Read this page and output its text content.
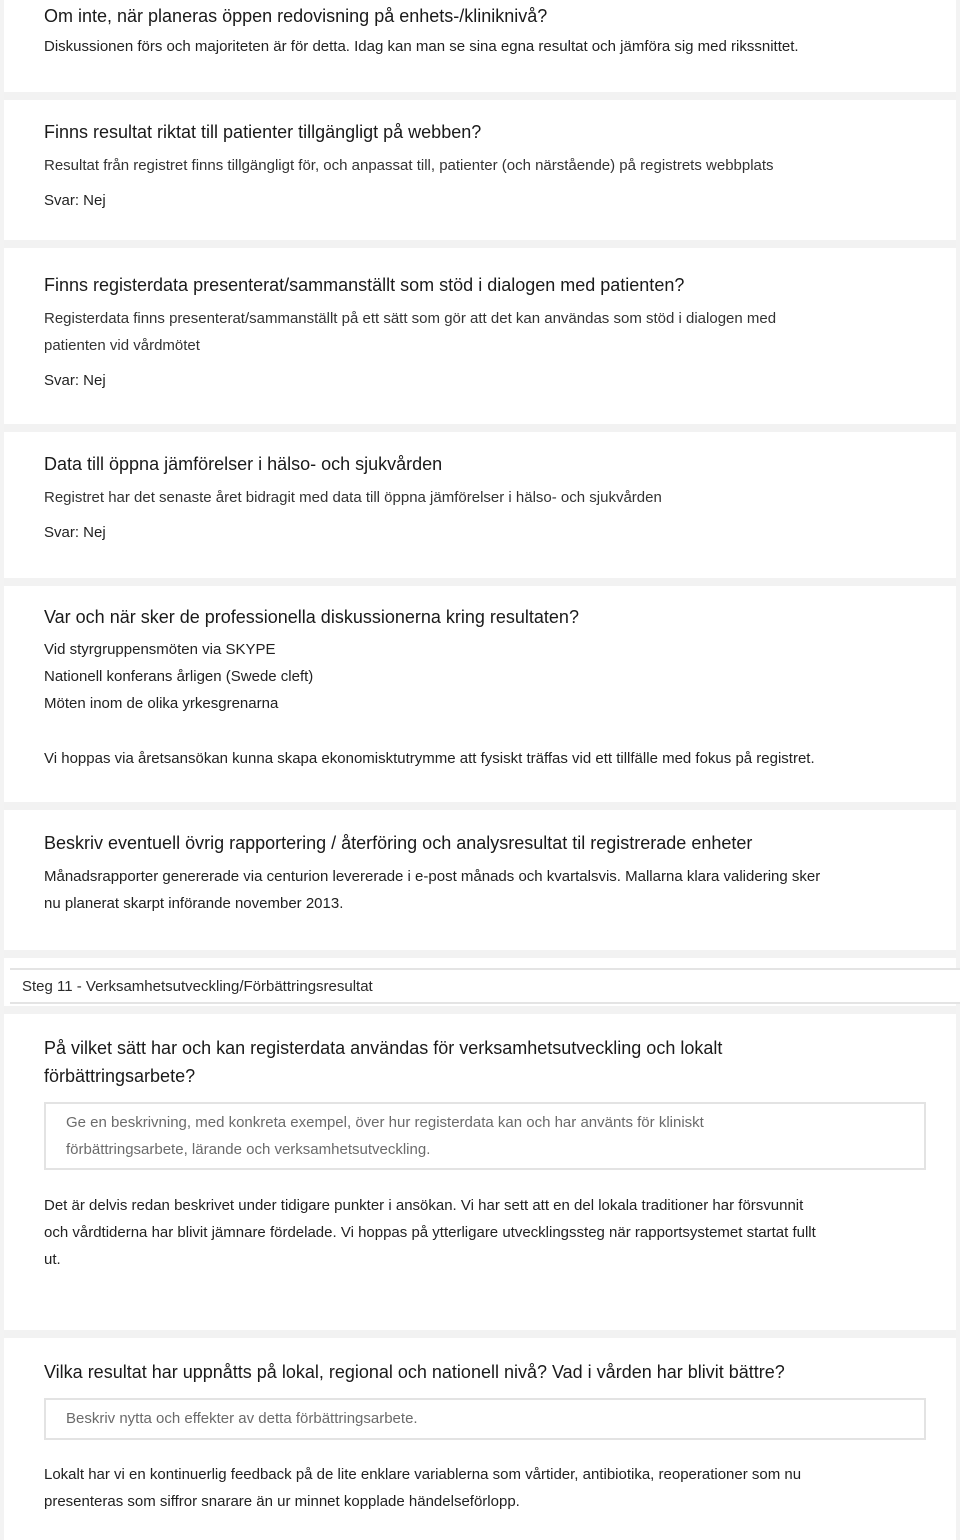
Om inte, när planeras öppen redovisning på enhets-/kliniknivå?

Diskussionen förs och majoriteten är för detta. Idag kan man se sina egna resultat och jämföra sig med rikssnittet.

Finns resultat riktat till patienter tillgängligt på webben?

Resultat från registret finns tillgängligt för, och anpassat till, patienter (och närstående) på registrets webbplats

Svar: Nej

Finns registerdata presenterat/sammanställt som stöd i dialogen med patienten?

Registerdata finns presenterat/sammanställt på ett sätt som gör att det kan användas som stöd i dialogen med
patienten vid vårdmötet

Svar: Nej

Data till öppna jämförelser i hälso- och sjukvården

Registret har det senaste året bidragit med data till öppna jämförelser i hälso- och sjukvården

Svar: Nej

Var och när sker de professionella diskussionerna kring resultaten?

Vid styrgruppensmöten via SKYPE
Nationell konferans årligen (Swede cleft)
Möten inom de olika yrkesgrenarna

Vi hoppas via åretsansökan kunna skapa ekonomisktutrymme att fysiskt träffas vid ett tillfälle med fokus på registret.

Beskriv eventuell övrig rapportering / återföring och analysresultat til registrerade enheter

Månadsrapporter genererade via centurion levererade i e-post månads och kvartalsvis. Mallarna klara validering sker
nu planerat skarpt införande november 2013.

Steg 11 - Verksamhetsutveckling/Förbättringsresultat

På vilket sätt har och kan registerdata användas för verksamhetsutveckling och lokalt
förbättringsarbete?

Ge en beskrivning, med konkreta exempel, över hur registerdata kan och har använts för kliniskt
förbättringsarbete, lärande och verksamhetsutveckling.

Det är delvis redan beskrivet under tidigare punkter i ansökan. Vi har sett att en del lokala traditioner har försvunnit
och vårdtiderna har blivit jämnare fördelade. Vi hoppas på ytterligare utvecklingssteg när rapportsystemet startat fullt
ut.

Vilka resultat har uppnåtts på lokal, regional och nationell nivå? Vad i vården har blivit bättre?

Beskriv nytta och effekter av detta förbättringsarbete.

Lokalt har vi en kontinuerlig feedback på de lite enklare variablerna som vårtider, antibiotika, reoperationer som nu
presenteras som siffror snarare än ur minnet kopplade händelseförlopp.
